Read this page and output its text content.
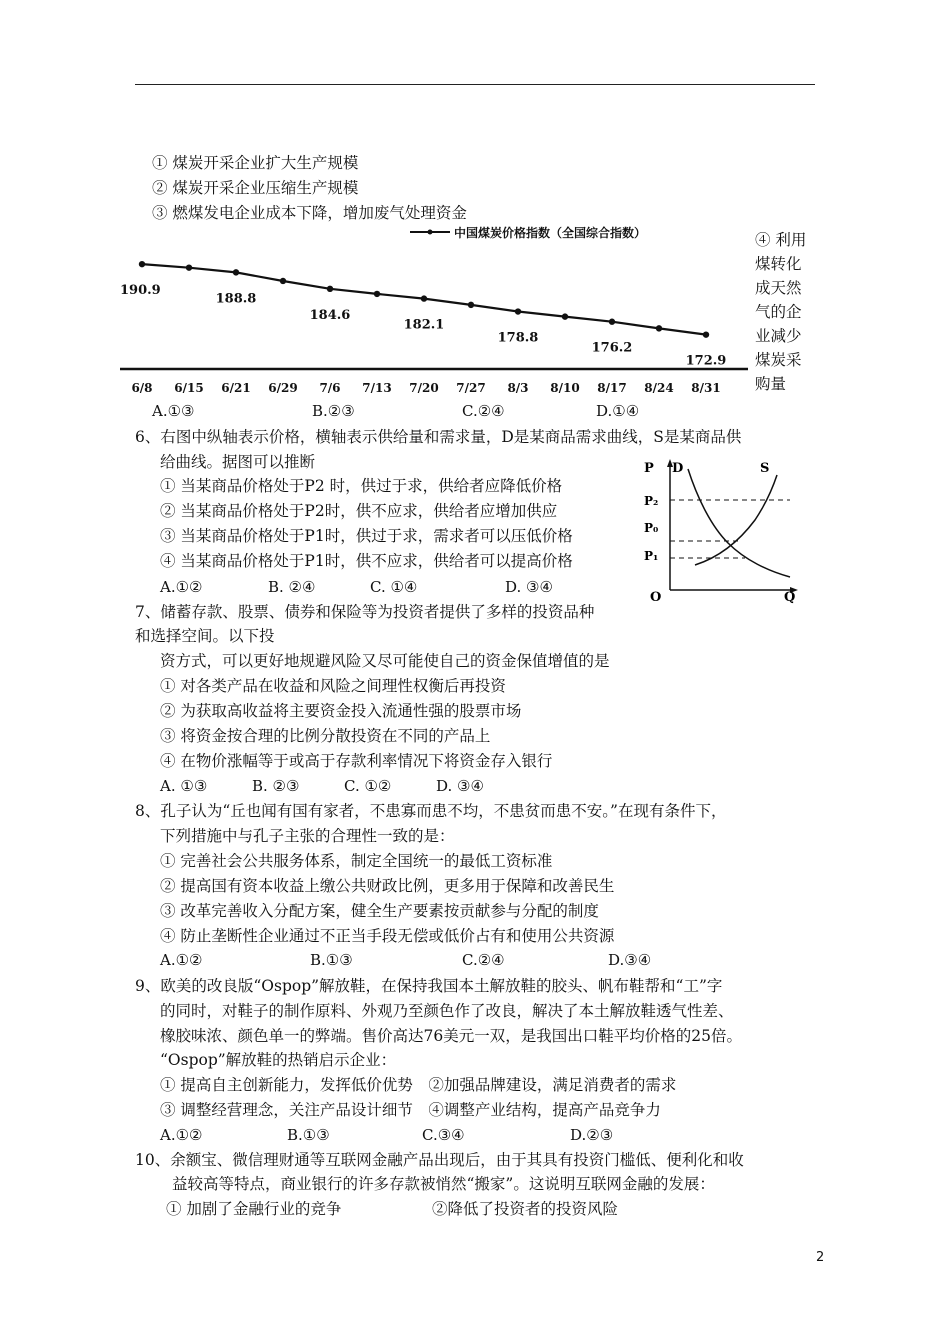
① 煤炭开采企业扩大生产规模
② 煤炭开采企业压缩生产规模
③ 燃煤发电企业成本下降，增加废气处理资金
中国煤炭价格指数（全国综合指数）
190.9
188.8
184.6
182.1
178.8
176.2
172.9
6/8 6/15 6/21 6/29 7/6 7/13 7/20 7/27 8/3 8/10 8/17 8/24 8/31
④ 利用
煤转化
成天然
气的企
业减少
煤炭采
购量
A.①③	B.②③	C.②④	D.①④
6、右图中纵轴表示价格，横轴表示供给量和需求量，D是某商品需求曲线，S是某商品供
给曲线。据图可以推断
① 当某商品价格处于P2 时，供过于求，供给者应降低价格
② 当某商品价格处于P2时，供不应求，供给者应增加供应
③ 当某商品价格处于P1时，供过于求，需求者可以压低价格
④ 当某商品价格处于P1时，供不应求，供给者可以提高价格
A.①②	B. ②④	C. ①④	D. ③④
P D	S
P₂
P₀
P₁
O	Q
7、储蓄存款、股票、债券和保险等为投资者提供了多样的投资品种
和选择空间。以下投
资方式，可以更好地规避风险又尽可能使自己的资金保值增值的是
① 对各类产品在收益和风险之间理性权衡后再投资
② 为获取高收益将主要资金投入流通性强的股票市场
③ 将资金按合理的比例分散投资在不同的产品上
④ 在物价涨幅等于或高于存款利率情况下将资金存入银行
A. ①③	B. ②③	C. ①②	D. ③④
8、孔子认为“丘也闻有国有家者，不患寡而患不均，不患贫而患不安。”在现有条件下，
下列措施中与孔子主张的合理性一致的是：
① 完善社会公共服务体系，制定全国统一的最低工资标准
② 提高国有资本收益上缴公共财政比例，更多用于保障和改善民生
③ 改革完善收入分配方案，健全生产要素按贡献参与分配的制度
④ 防止垄断性企业通过不正当手段无偿或低价占有和使用公共资源
A.①②	B.①③	C.②④	D.③④
9、欧美的改良版“Ospop”解放鞋，在保持我国本土解放鞋的胶头、帆布鞋帮和“工”字
的同时，对鞋子的制作原料、外观乃至颜色作了改良，解决了本土解放鞋透气性差、
橡胶味浓、颜色单一的弊端。售价高达76美元一双，是我国出口鞋平均价格的25倍。
“Ospop”解放鞋的热销启示企业：
① 提高自主创新能力，发挥低价优势　②加强品牌建设，满足消费者的需求
③ 调整经营理念，关注产品设计细节　④调整产业结构，提高产品竞争力
A.①②	B.①③	C.③④	D.②③
10、余额宝、微信理财通等互联网金融产品出现后，由于其具有投资门槛低、便利化和收
益较高等特点，商业银行的许多存款被悄然“搬家”。这说明互联网金融的发展：
① 加剧了金融行业的竞争	②降低了投资者的投资风险
2
